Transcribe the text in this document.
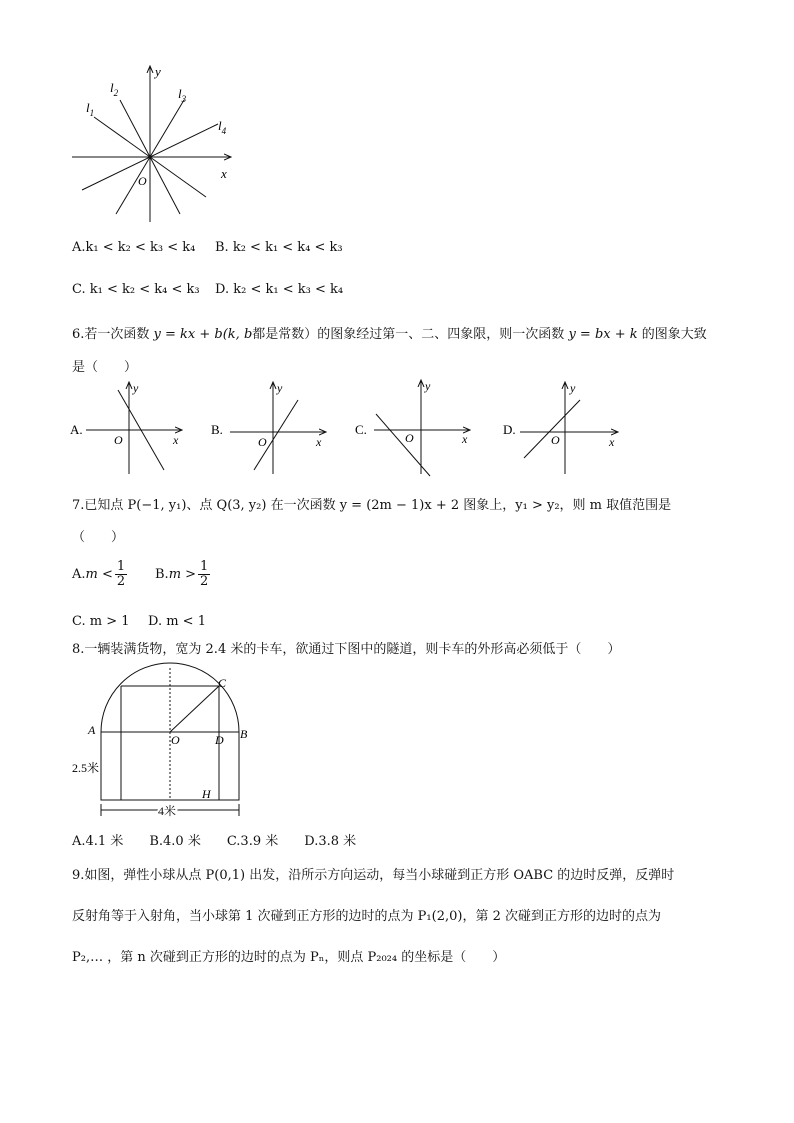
y
x
O
$l_1$
$l_2$	$l_3$
$l_4$
A.k₁ < k₂ < k₃ < k₄ B. k₂ < k₁ < k₄ < k₃
C. k₁ < k₂ < k₄ < k₃ D. k₂ < k₁ < k₃ < k₄
6.若一次函数 y = kx + b(k, b都是常数）的图象经过第一、二、四象限，则一次函数 y = bx + k 的图象大致
是（　　）
A.
y
x
O
B.
y
x
O
C.
y
x
O
D.
y
x
O
7.已知点 P(−1, y₁)、点 Q(3, y₂) 在一次函数 y = (2m − 1)x + 2 图象上，y₁ > y₂，则 m 取值范围是
（　　）
$A.m < \frac{1}{2} B.m > \frac{1}{2}$
C. m > 1 D. m < 1
8.一辆装满货物，宽为 2.4 米的卡车，欲通过下图中的隧道，则卡车的外形高必须低于（　　）
A	B
C
O	D
H
2.5米
4米
A.4.1 米　　B.4.0 米　　C.3.9 米　　D.3.8 米
9.如图，弹性小球从点 P(0,1) 出发，沿所示方向运动，每当小球碰到正方形 OABC 的边时反弹，反弹时
反射角等于入射角，当小球第 1 次碰到正方形的边时的点为 P₁(2,0)，第 2 次碰到正方形的边时的点为
P₂,… ，第 n 次碰到正方形的边时的点为 Pₙ，则点 P₂₀₂₄ 的坐标是（　　）
